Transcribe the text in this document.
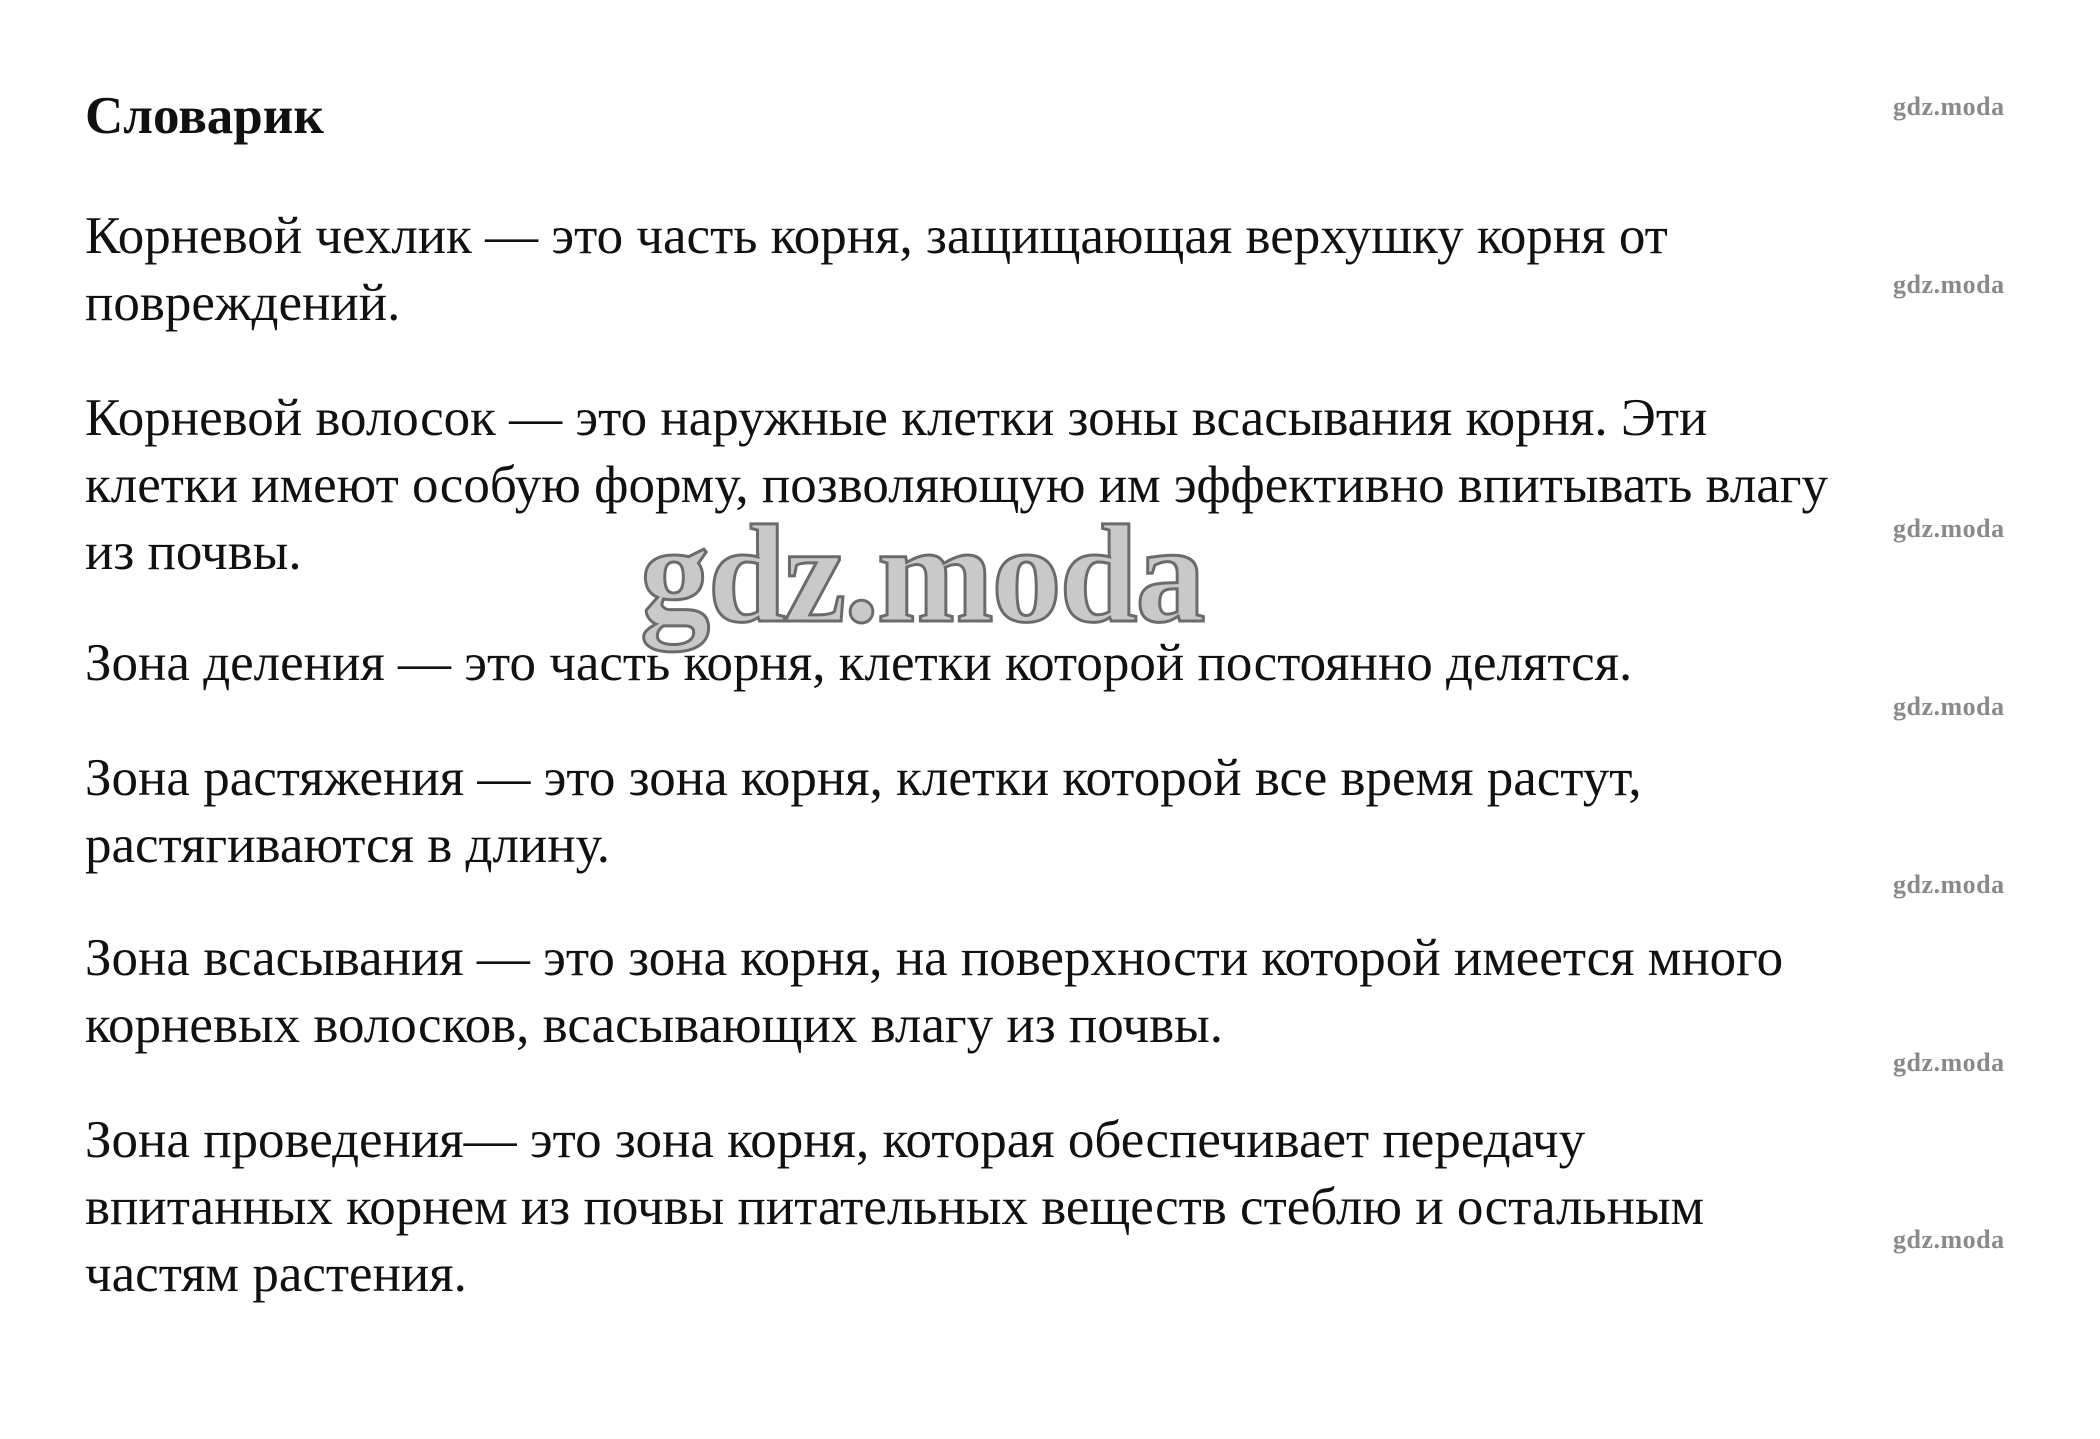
Словарик
Корневой чехлик — это часть корня, защищающая верхушку корня от
повреждений.
Корневой волосок — это наружные клетки зоны всасывания корня. Эти
клетки имеют особую форму, позволяющую им эффективно впитывать влагу
из почвы.
Зона деления — это часть корня, клетки которой постоянно делятся.
Зона растяжения — это зона корня, клетки которой все время растут,
растягиваются в длину.
Зона всасывания — это зона корня, на поверхности которой имеется много
корневых волосков, всасывающих влагу из почвы.
Зона проведения— это зона корня, которая обеспечивает передачу
впитанных корнем из почвы питательных веществ стеблю и остальным
частям растения.
gdz.moda
gdz.moda
gdz.moda
gdz.moda
gdz.moda
gdz.moda
gdz.moda
gdz.moda
